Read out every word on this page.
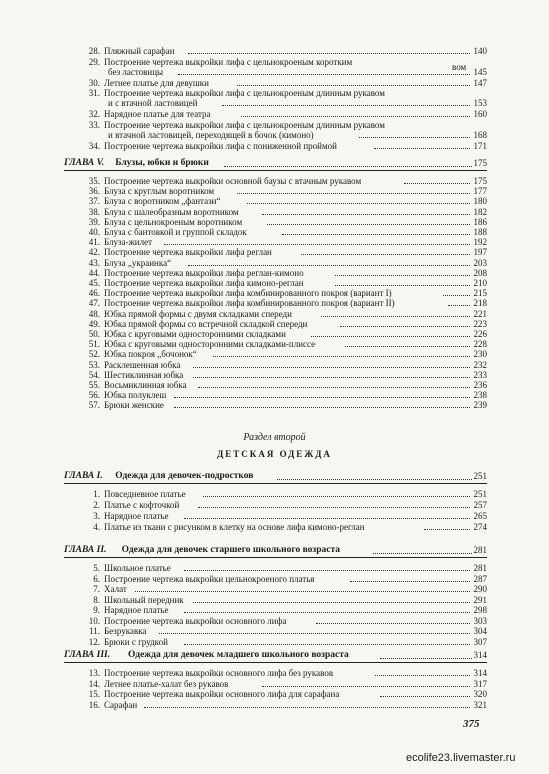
28. Пляжный сарафан	140
29. Построение чертежа выкройки лифа с цельнокроеным коротким
без ластовицы	вом 145
30. Летнее платье для девушки	147
31. Построение чертежа выкройки лифа с цельнокроеным длинным рукавом
и с втачной ластовицей	153
32. Нарядное платье для театра	160
33. Построение чертежа выкройки лифа с цельнокроеным длинным рукавом
и втачной ластовицей, переходящей в бочок (кимоно)	168
34. Построение чертежа выкройки лифа с пониженной проймой	171
ГЛАВА V. Блузы, юбки и брюки	175
35. Построение чертежа выкройки основной баузы с втачным рукавом	175
36. Блуза с круглым воротником	177
37. Блуза с воротником „фантази“	180
38. Блуза с шалеобразным воротником	182
39. Блуза с цельнокроеным воротником	186
40. Блуза с бантовкой и группой складок	188
41. Блуза-жилет	192
42. Построение чертежа выкройки лифа реглан	197
43. Блуза „украинка“	203
44. Построение чертежа выкройки лифа реглан-кимоно	208
45. Построение чертежа выкройки лифа кимоно-реглан	210
46. Построение чертежа выкройки лифа комбинированного покроя (вариант I)	215
47. Построение чертежа выкройки лифа комбинированного покроя (вариант II)	218
48. Юбка прямой формы с двумя складками спереди	221
49. Юбка прямой формы со встречной складкой спереди	223
50. Юбка с круговыми односторонними складками	226
51. Юбка с круговыми односторонними складками-плиссе	228
52. Юбка покроя „бочонок“	230
53. Расклешенная юбка	232
54. Шестиклинная юбка	233
55. Восьмиклинная юбка	236
56. Юбка полуклеш	238
57. Брюки женские	239
Раздел второй
ДЕТСКАЯ ОДЕЖДА
ГЛАВА I. Одежда для девочек-подростков	251
1. Повседневное платье	251
2. Платье с кофточкой	257
3. Нарядное платье	265
4. Платье из ткани с рисунком в клетку на основе лифа кимоно-реглан	274
ГЛАВА II. Одежда для девочек старшего школьного возраста	281
5. Школьное платье	281
6. Построение чертежа выкройки цельнокроеного платья	287
7. Халат	290
8. Школьный передник	291
9. Нарядное платье	298
10. Построение чертежа выкройки основного лифа	303
11. Безрукавка	304
12. Брюки с грудкой	307
ГЛАВА III. Одежда для девочек младшего школьного возраста	314
13. Построение чертежа выкройки основного лифа без рукавов	314
14. Летнее платье-халат без рукавов	317
15. Построение чертежа выкройки основного лифа для сарафана	320
16. Сарафан	321
375
ecolife23.livemaster.ru
